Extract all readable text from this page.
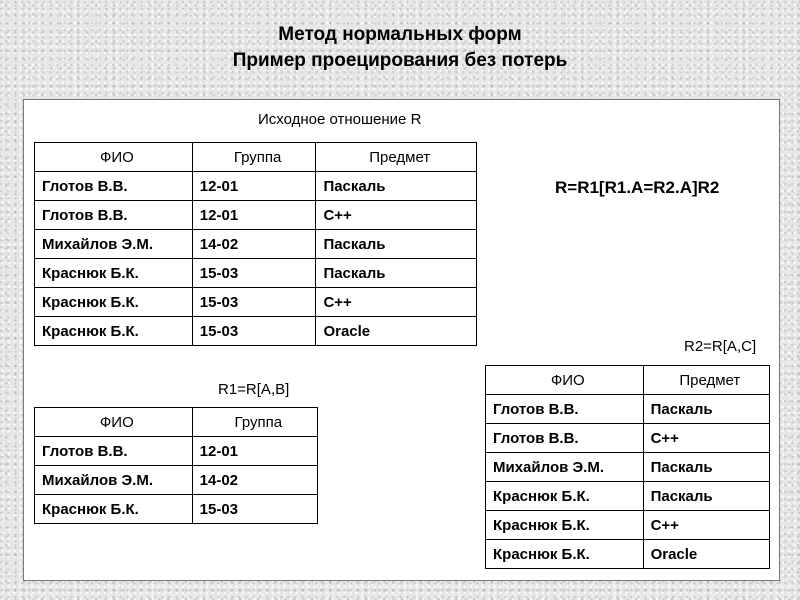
Метод нормальных форм
Пример проецирования без потерь
Исходное отношение R
ФИО	Группа	Предмет
Глотов В.В.	12-01	Паскаль
Глотов В.В.	12-01	С++
Михайлов Э.М.	14-02	Паскаль
Краснюк Б.К.	15-03	Паскаль
Краснюк Б.К.	15-03	С++
Краснюк Б.К.	15-03	Oracle
R=R1[R1.A=R2.A]R2
R2=R[A,C]
ФИО	Предмет
Глотов В.В.	Паскаль
Глотов В.В.	С++
Михайлов Э.М.	Паскаль
Краснюк Б.К.	Паскаль
Краснюк Б.К.	С++
Краснюк Б.К.	Oracle
R1=R[A,B]
ФИО	Группа
Глотов В.В.	12-01
Михайлов Э.М.	14-02
Краснюк Б.К.	15-03
